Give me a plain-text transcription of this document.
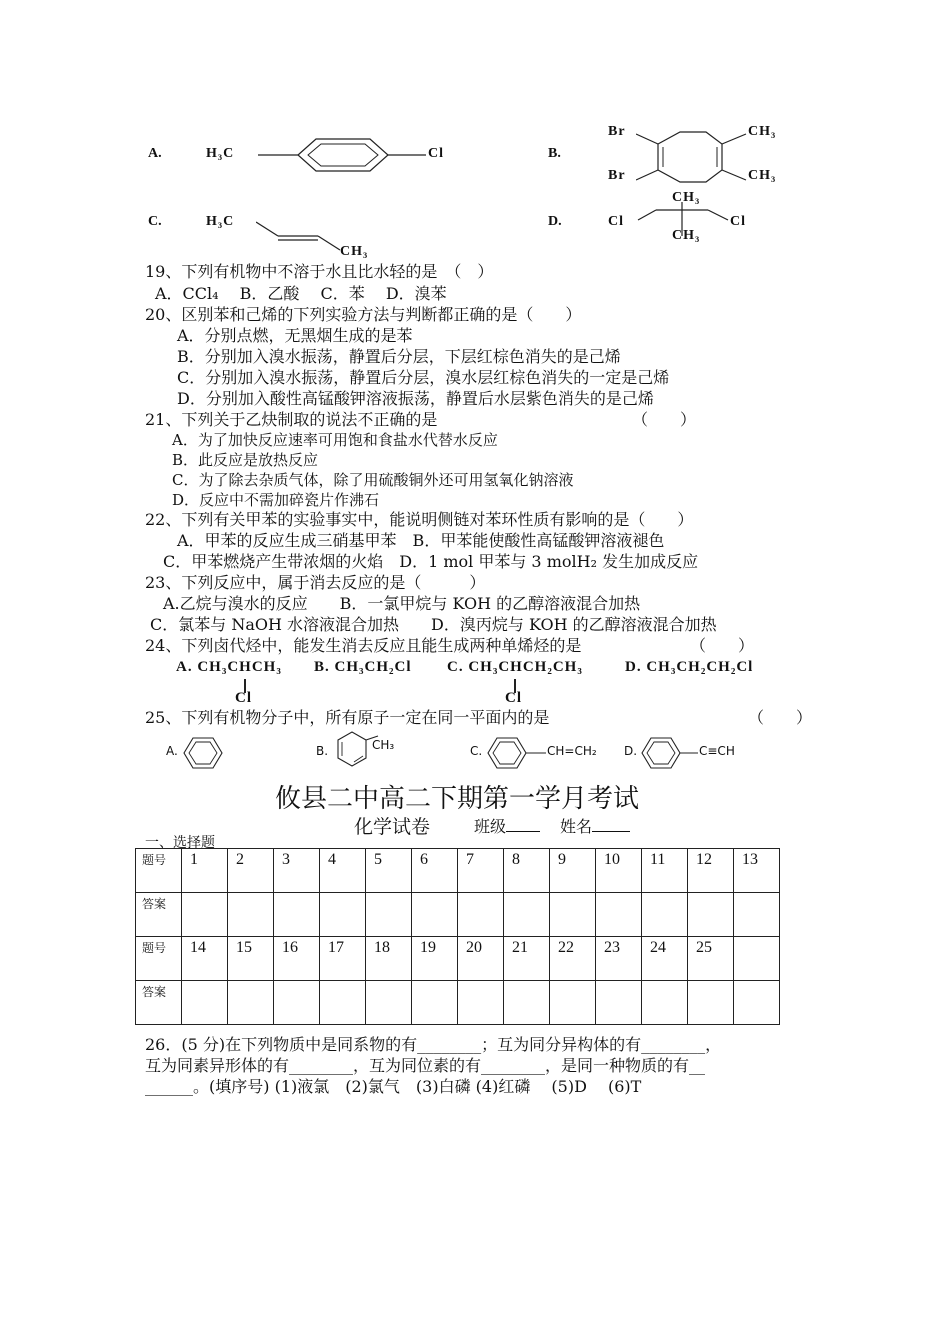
A.	H₃C	Cl	B.
Br
Br
CH₃
CH₃
C.	H₃C
CH₃
D.	Cl
CH₃
CH₃
Cl
19、下列有机物中不溶于水且比水轻的是　（　）
A．CCl₄　 B．乙酸　 C．苯　 D．溴苯
20、区别苯和己烯的下列实验方法与判断都正确的是（　　）
A．分别点燃，无黑烟生成的是苯
B．分别加入溴水振荡，静置后分层，下层红棕色消失的是己烯
C．分别加入溴水振荡，静置后分层，溴水层红棕色消失的一定是己烯
D．分别加入酸性高锰酸钾溶液振荡，静置后水层紫色消失的是己烯
21、下列关于乙炔制取的说法不正确的是	（　　）
A．为了加快反应速率可用饱和食盐水代替水反应
B．此反应是放热反应
C．为了除去杂质气体，除了用硫酸铜外还可用氢氧化钠溶液
D．反应中不需加碎瓷片作沸石
22、下列有关甲苯的实验事实中，能说明侧链对苯环性质有影响的是（　　）
A．甲苯的反应生成三硝基甲苯　B．甲苯能使酸性高锰酸钾溶液褪色
C．甲苯燃烧产生带浓烟的火焰　D．1 mol 甲苯与 3 molH₂ 发生加成反应
23、下列反应中，属于消去反应的是（　　　）
A.乙烷与溴水的反应　　B．一氯甲烷与 KOH 的乙醇溶液混合加热
C．氯苯与 NaOH 水溶液混合加热　　D．溴丙烷与 KOH 的乙醇溶液混合加热
24、下列卤代烃中，能发生消去反应且能生成两种单烯烃的是	（　　）
A. CH₃CHCH₃
Cl
B. CH₃CH₂Cl C. CH₃CHCH₂CH₃
Cl
D. CH₃CH₂CH₂Cl
25、下列有机物分子中，所有原子一定在同一平面内的是	（　　）
A.	B.	CH₃	C.	CH=CH₂ D.	C≡CH
攸县二中高二下期第一学月考试
化学试卷	班级	姓名
一、选择题
题号	1	2	3	4	5	6	7	8	9	10	11	12	13
答案													
题号	14	15	16	17	18	19	20	21	22	23	24	25	
答案													
26．(5 分)在下列物质中是同系物的有________；互为同分异构体的有________，
互为同素异形体的有________，互为同位素的有________，是同一种物质的有__
______。(填序号) (1)液氯　(2)氯气　(3)白磷 (4)红磷　 (5)D　 (6)T
